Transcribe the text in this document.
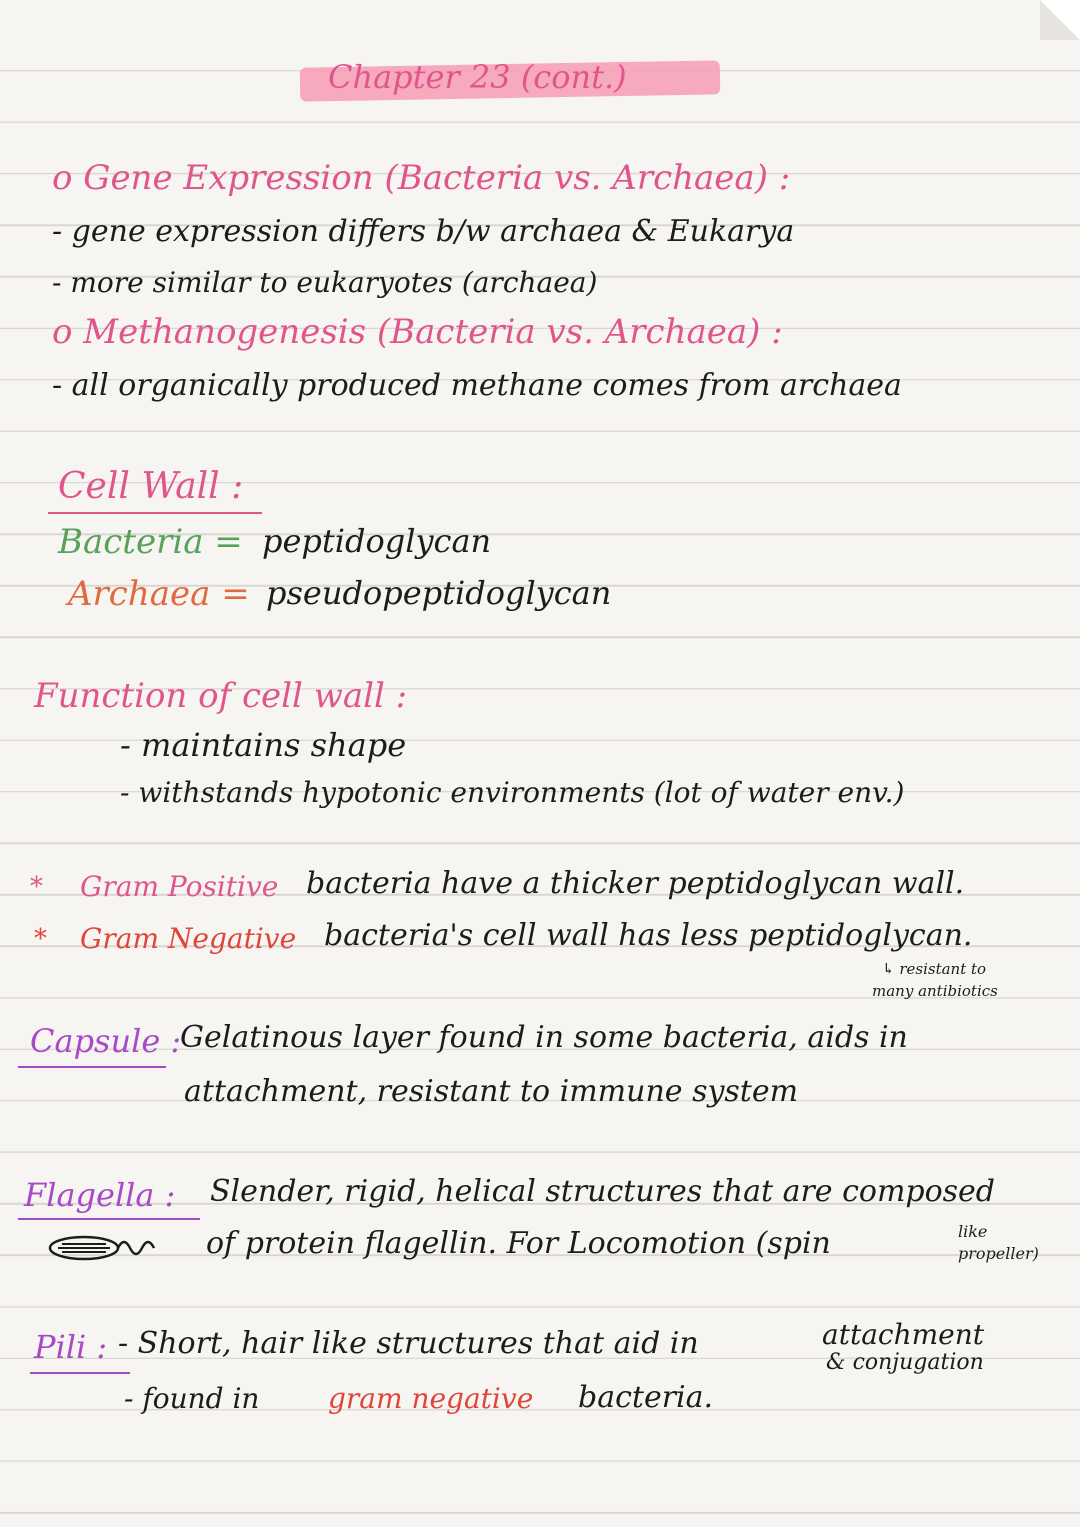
Chapter 23 (cont.)
o Gene Expression (Bacteria vs. Archaea) :
- gene expression differs b/w archaea & Eukarya
- more similar to eukaryotes (archaea)
o Methanogenesis (Bacteria vs. Archaea) :
- all organically produced methane comes from archaea
Cell Wall :
Bacteria = peptidoglycan
Archaea = pseudopeptidoglycan
Function of cell wall :
- maintains shape
- withstands hypotonic environments (lot of water env.)
* Gram Positive bacteria have a thicker peptidoglycan wall.
* Gram Negative bacteria's cell wall has less peptidoglycan.
↳ resistant to
many antibiotics
Capsule :
Gelatinous layer found in some bacteria, aids in
attachment, resistant to immune system
Flagella : Slender, rigid, helical structures that are composed
of protein flagellin. For Locomotion (spin	like
propeller)
Pili : - Short, hair like structures that aid in	attachment
& conjugation
- found in gram negative bacteria.
